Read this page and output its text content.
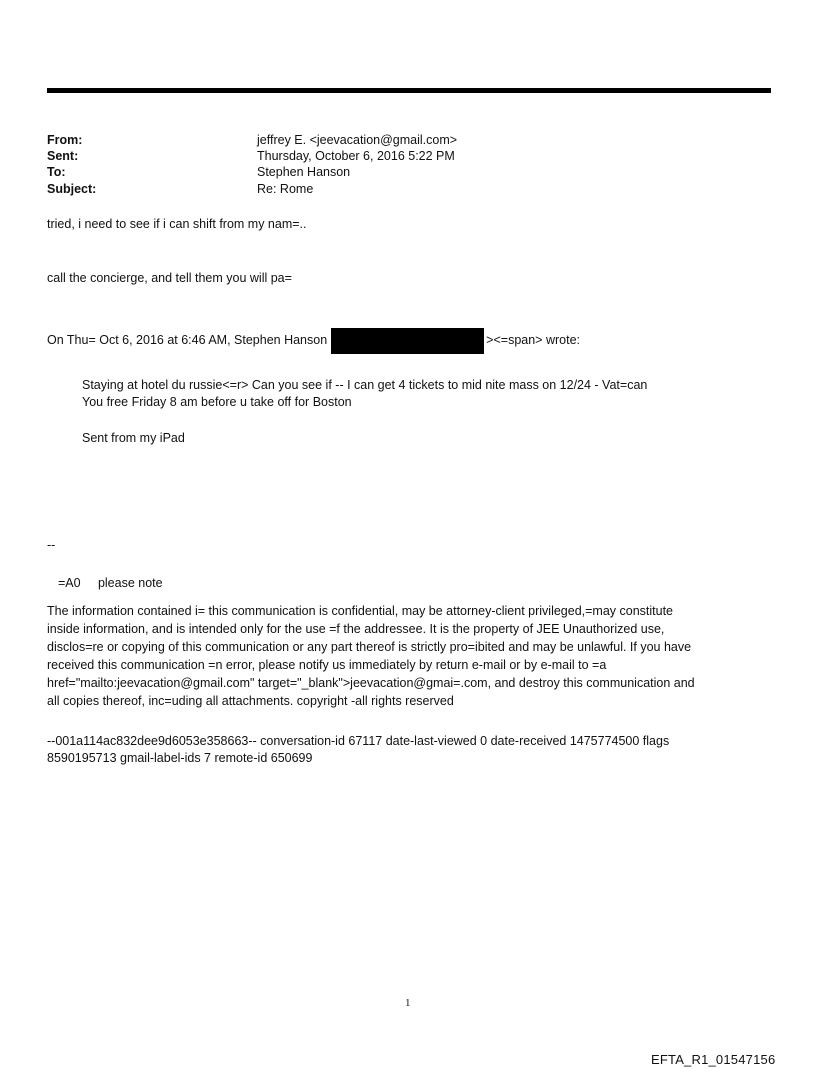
From:	jeffrey E. <jeevacation@gmail.com>
Sent:	Thursday, October 6, 2016 5:22 PM
To:	Stephen Hanson
Subject:	Re: Rome
tried, i need to see if i can shift from my nam=..
call the concierge, and tell them you will pa=
On Thu= Oct 6, 2016 at 6:46 AM, Stephen Hanson	><=span> wrote:
Staying at hotel du russie<=r> Can you see if -- I can get 4 tickets to mid nite mass on 12/24 - Vat=can
You free Friday 8 am before u take off for Boston
Sent from my iPad
--
=A0     please note
The information contained i= this communication is confidential, may be attorney-client privileged,=may constitute
inside information, and is intended only for the use =f the addressee. It is the property of JEE Unauthorized use,
disclos=re or copying of this communication or any part thereof is strictly pro=ibited and may be unlawful. If you have
received this communication =n error, please notify us immediately by return e-mail or by e-mail to =a
href="mailto:jeevacation@gmail.com" target="_blank">jeevacation@gmai=.com, and destroy this communication and
all copies thereof, inc=uding all attachments. copyright -all rights reserved
--001a114ac832dee9d6053e358663-- conversation-id 67117 date-last-viewed 0 date-received 1475774500 flags
8590195713 gmail-label-ids 7 remote-id 650699
1
EFTA_R1_01547156
